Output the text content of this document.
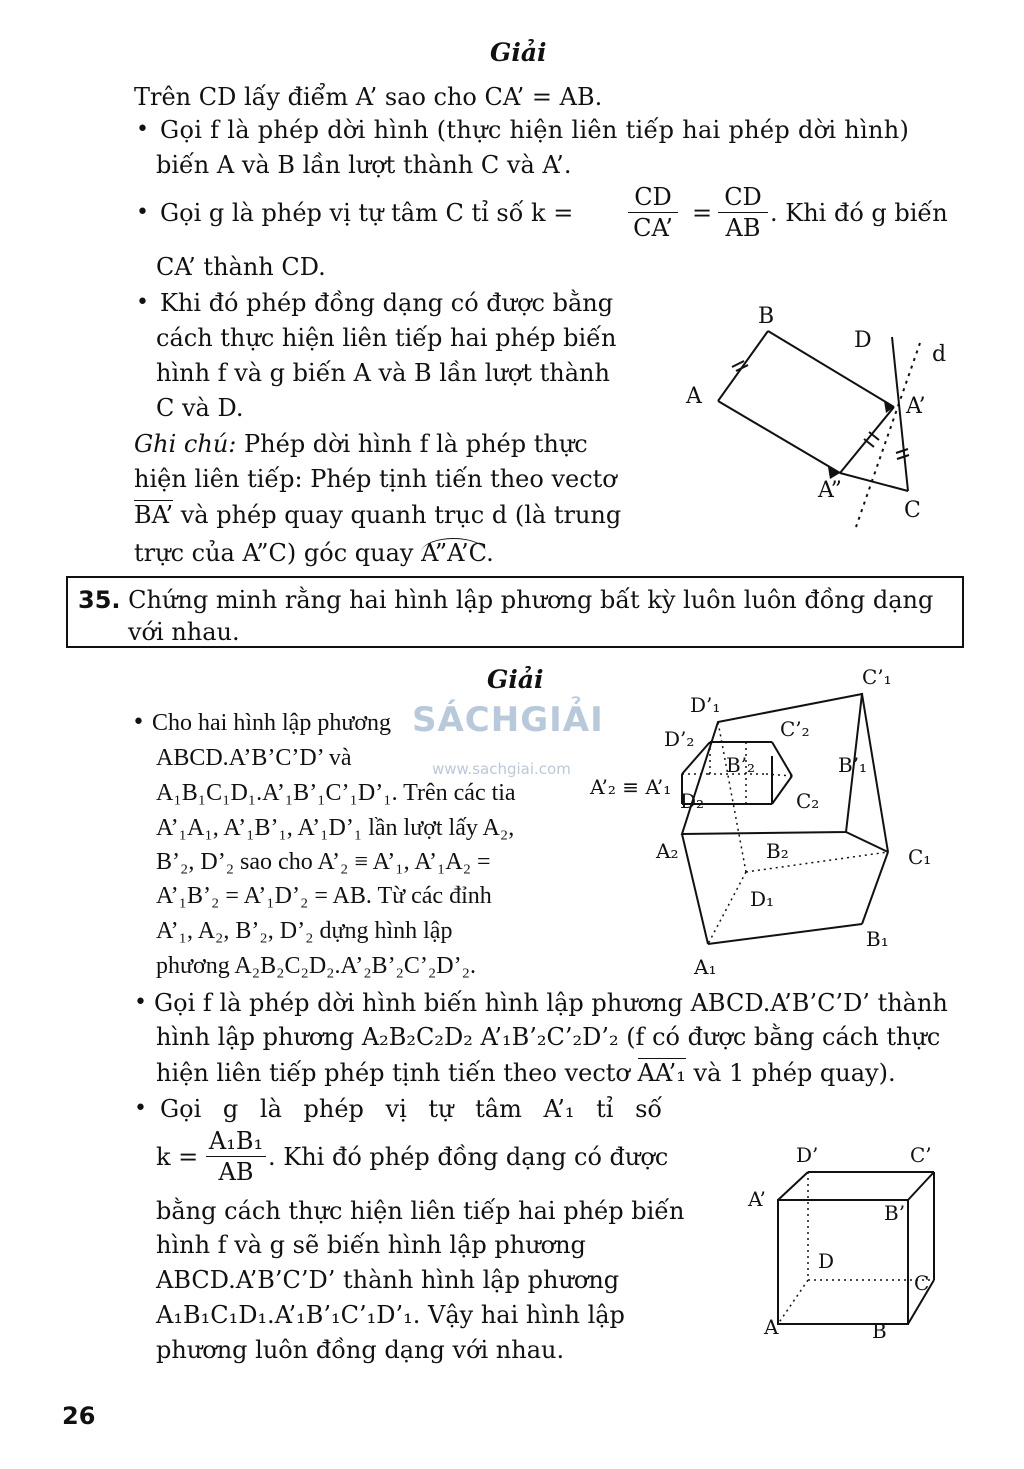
Giải
Trên CD lấy điểm A’ sao cho CA’ = AB.
• Gọi f là phép dời hình (thực hiện liên tiếp hai phép dời hình)
biến A và B lần lượt thành C và A’.
• Gọi g là phép vị tự tâm C tỉ số $k = \frac{CD}{CA’} = \frac{CD}{AB}$ . Khi đó g biến
CA’ thành CD.
• Khi đó phép đồng dạng có được bằng
cách thực hiện liên tiếp hai phép biến
hình f và g biến A và B lần lượt thành
C và D.
Ghi chú: Phép dời hình f là phép thực
hiện liên tiếp: Phép tịnh tiến theo vectơ
BA’ và phép quay quanh trục d (là trung
trực của A”C) góc quay A”A’C.
B
D
d
A	A’
A”
C
35. Chứng minh rằng hai hình lập phương bất kỳ luôn luôn đồng dạng
với nhau.
Giải
SÁCHGIẢI
www.sachgiai.com
• Cho hai hình lập phương
ABCD.A’B’C’D’ và
A₁B₁C₁D₁.A’₁B’₁C’₁D’₁. Trên các tia
A’₁A₁, A’₁B’₁, A’₁D’₁ lần lượt lấy A₂,
B’₂, D’₂ sao cho A’₂ ≡ A’₁, A’₁A₂ =
A’₁B’₂ = A’₁D’₂ = AB. Từ các đỉnh
A’₁, A₂, B’₂, D’₂ dựng hình lập
phương A₂B₂C₂D₂.A’₂B’₂C’₂D’₂.
C’₁
D’₁
D’₂	C’₂
B’₂	B’₁
A’₂ ≡ A’₁
D₂	C₂
A₂	B₂	C₁
D₁
B₁
A₁
• Gọi f là phép dời hình biến hình lập phương ABCD.A’B’C’D’ thành
hình lập phương A₂B₂C₂D₂ A’₁B’₂C’₂D’₂ (f có được bằng cách thực
hiện liên tiếp phép tịnh tiến theo vectơ AA’₁ và 1 phép quay).
• Gọi g là phép vị tự tâm A’₁ tỉ số
$k = \frac{\text{A₁B₁}}{AB}$ . Khi đó phép đồng dạng có được
bằng cách thực hiện liên tiếp hai phép biến
hình f và g sẽ biến hình lập phương
ABCD.A’B’C’D’ thành hình lập phương
A₁B₁C₁D₁.A’₁B’₁C’₁D’₁. Vậy hai hình lập
phương luôn đồng dạng với nhau.
D’	C’
A’
B’
D
C
A	B
26
